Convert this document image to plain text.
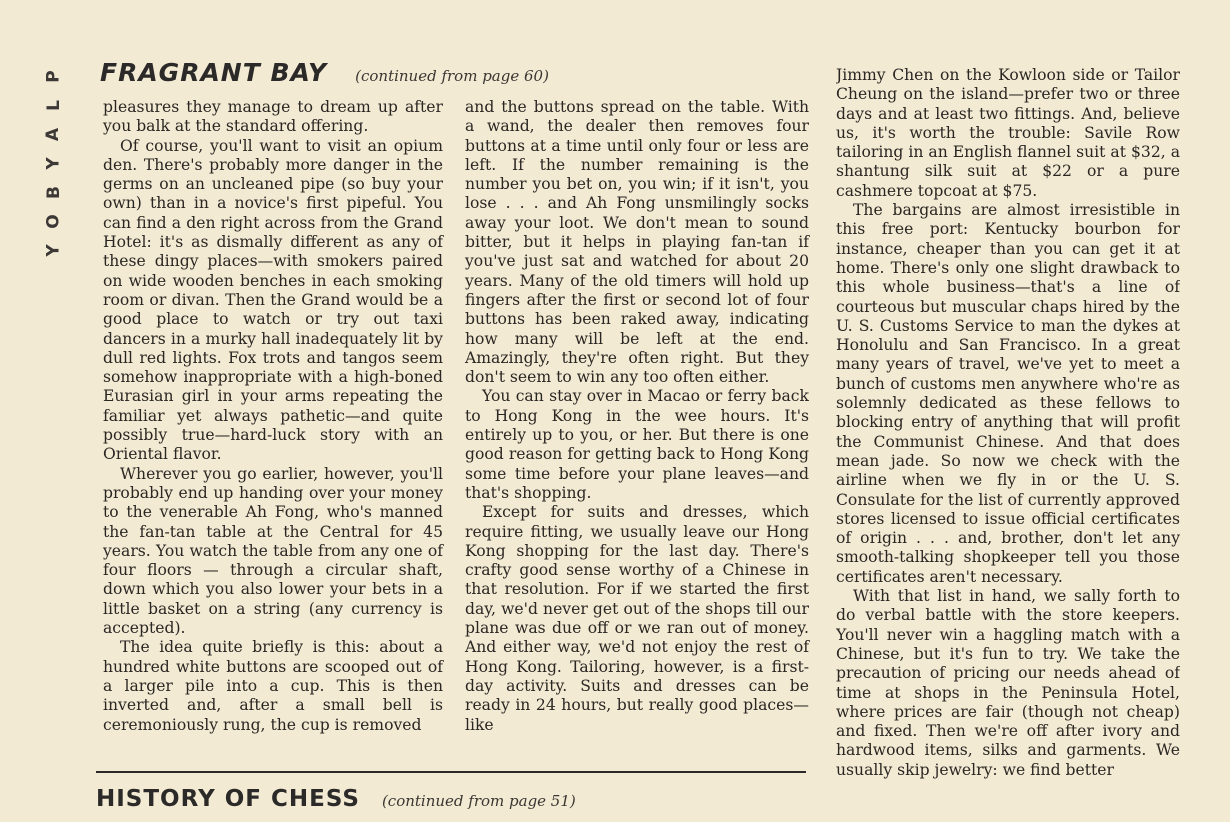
P
L
A
Y
B
O
Y
FRAGRANT BAY (continued from page 60)

pleasures they manage to dream up after you balk at the standard offering.

Of course, you'll want to visit an opium den. There's probably more danger in the germs on an uncleaned pipe (so buy your own) than in a novice's first pipeful. You can find a den right across from the Grand Hotel: it's as dismally different as any of these dingy places—with smokers paired on wide wooden benches in each smoking room or divan. Then the Grand would be a good place to watch or try out taxi dancers in a murky hall inadequately lit by dull red lights. Fox trots and tangos seem somehow inappropriate with a high-boned Eurasian girl in your arms repeating the familiar yet always pathetic—and quite possibly true—hard-luck story with an Oriental flavor.

Wherever you go earlier, however, you'll probably end up handing over your money to the venerable Ah Fong, who's manned the fan-tan table at the Central for 45 years. You watch the table from any one of four floors — through a circular shaft, down which you also lower your bets in a little basket on a string (any currency is accepted).

The idea quite briefly is this: about a hundred white buttons are scooped out of a larger pile into a cup. This is then inverted and, after a small bell is ceremoniously rung, the cup is removed

and the buttons spread on the table. With a wand, the dealer then removes four buttons at a time until only four or less are left. If the number remaining is the number you bet on, you win; if it isn't, you lose . . . and Ah Fong unsmilingly socks away your loot. We don't mean to sound bitter, but it helps in playing fan-tan if you've just sat and watched for about 20 years. Many of the old timers will hold up fingers after the first or second lot of four buttons has been raked away, indicating how many will be left at the end. Amazingly, they're often right. But they don't seem to win any too often either.

You can stay over in Macao or ferry back to Hong Kong in the wee hours. It's entirely up to you, or her. But there is one good reason for getting back to Hong Kong some time before your plane leaves—and that's shopping.

Except for suits and dresses, which require fitting, we usually leave our Hong Kong shopping for the last day. There's crafty good sense worthy of a Chinese in that resolution. For if we started the first day, we'd never get out of the shops till our plane was due off or we ran out of money. And either way, we'd not enjoy the rest of Hong Kong. Tailoring, however, is a first-day activity. Suits and dresses can be ready in 24 hours, but really good places—like

Jimmy Chen on the Kowloon side or Tailor Cheung on the island—prefer two or three days and at least two fittings. And, believe us, it's worth the trouble: Savile Row tailoring in an English flannel suit at $32, a shantung silk suit at $22 or a pure cashmere topcoat at $75.

The bargains are almost irresistible in this free port: Kentucky bourbon for instance, cheaper than you can get it at home. There's only one slight drawback to this whole business—that's a line of courteous but muscular chaps hired by the U. S. Customs Service to man the dykes at Honolulu and San Francisco. In a great many years of travel, we've yet to meet a bunch of customs men anywhere who're as solemnly dedicated as these fellows to blocking entry of anything that will profit the Communist Chinese. And that does mean jade. So now we check with the airline when we fly in or the U. S. Consulate for the list of currently approved stores licensed to issue official certificates of origin . . . and, brother, don't let any smooth-talking shopkeeper tell you those certificates aren't necessary.

With that list in hand, we sally forth to do verbal battle with the store keepers. You'll never win a haggling match with a Chinese, but it's fun to try. We take the precaution of pricing our needs ahead of time at shops in the Peninsula Hotel, where prices are fair (though not cheap) and fixed. Then we're off after ivory and hardwood items, silks and garments. We usually skip jewelry: we find better

HISTORY OF CHESS (continued from page 51)
